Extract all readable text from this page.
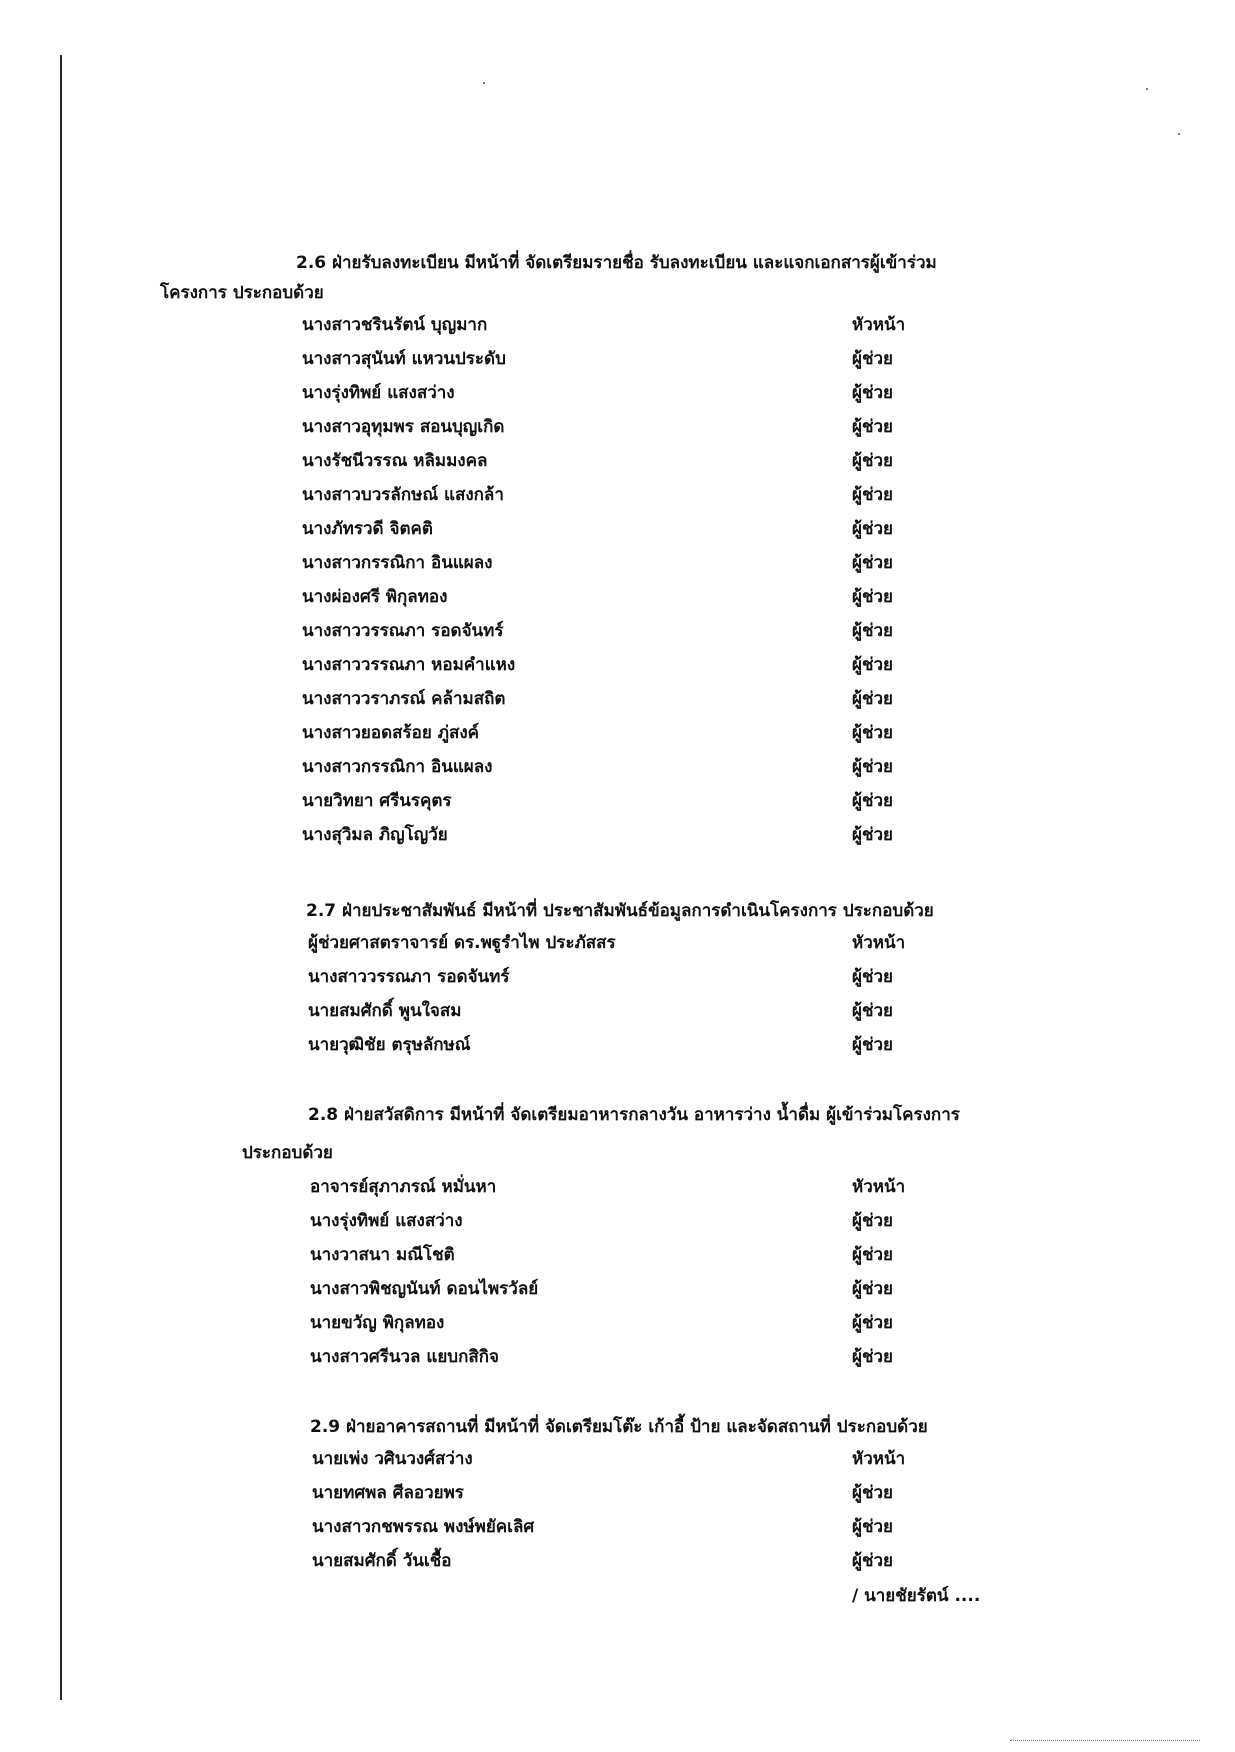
2.6 ฝ่ายรับลงทะเบียน มีหน้าที่ จัดเตรียมรายชื่อ รับลงทะเบียน และแจกเอกสารผู้เข้าร่วม
โครงการ ประกอบด้วย
นางสาวชรินรัตน์ บุญมาก	หัวหน้า
นางสาวสุนันท์ แหวนประดับ	ผู้ช่วย
นางรุ่งทิพย์ แสงสว่าง	ผู้ช่วย
นางสาวอุทุมพร สอนบุญเกิด	ผู้ช่วย
นางรัชนีวรรณ หลิมมงคล	ผู้ช่วย
นางสาวบวรลักษณ์ แสงกล้า	ผู้ช่วย
นางภัทรวดี จิตคติ	ผู้ช่วย
นางสาวกรรณิกา อินแผลง	ผู้ช่วย
นางผ่องศรี พิกุลทอง	ผู้ช่วย
นางสาววรรณภา รอดจันทร์	ผู้ช่วย
นางสาววรรณภา หอมคำแหง	ผู้ช่วย
นางสาววราภรณ์ คล้ามสถิต	ผู้ช่วย
นางสาวยอดสร้อย ภู่สงค์	ผู้ช่วย
นางสาวกรรณิกา อินแผลง	ผู้ช่วย
นายวิทยา ศรีนรคุตร	ผู้ช่วย
นางสุวิมล ภิญโญวัย	ผู้ช่วย
2.7 ฝ่ายประชาสัมพันธ์ มีหน้าที่ ประชาสัมพันธ์ข้อมูลการดำเนินโครงการ ประกอบด้วย
ผู้ช่วยศาสตราจารย์ ดร.พฐูรำไพ ประภัสสร	หัวหน้า
นางสาววรรณภา รอดจันทร์	ผู้ช่วย
นายสมศักดิ์ พูนใจสม	ผู้ช่วย
นายวุฒิชัย ตรุษลักษณ์	ผู้ช่วย
2.8 ฝ่ายสวัสดิการ มีหน้าที่ จัดเตรียมอาหารกลางวัน อาหารว่าง น้ำดื่ม ผู้เข้าร่วมโครงการ
ประกอบด้วย
อาจารย์สุภาภรณ์ หมั่นหา	หัวหน้า
นางรุ่งทิพย์ แสงสว่าง	ผู้ช่วย
นางวาสนา มณีโชติ	ผู้ช่วย
นางสาวพิชญนันท์ ดอนไพรวัลย์	ผู้ช่วย
นายขวัญ พิกุลทอง	ผู้ช่วย
นางสาวศรีนวล แยบกสิกิจ	ผู้ช่วย
2.9 ฝ่ายอาคารสถานที่ มีหน้าที่ จัดเตรียมโต๊ะ เก้าอี้ ป้าย และจัดสถานที่ ประกอบด้วย
นายเพ่ง วศินวงศ์สว่าง	หัวหน้า
นายทศพล ศีลอวยพร	ผู้ช่วย
นางสาวกชพรรณ พงษ์พยัคเลิศ	ผู้ช่วย
นายสมศักดิ์ วันเชื้อ	ผู้ช่วย
/ นายชัยรัตน์ ....
